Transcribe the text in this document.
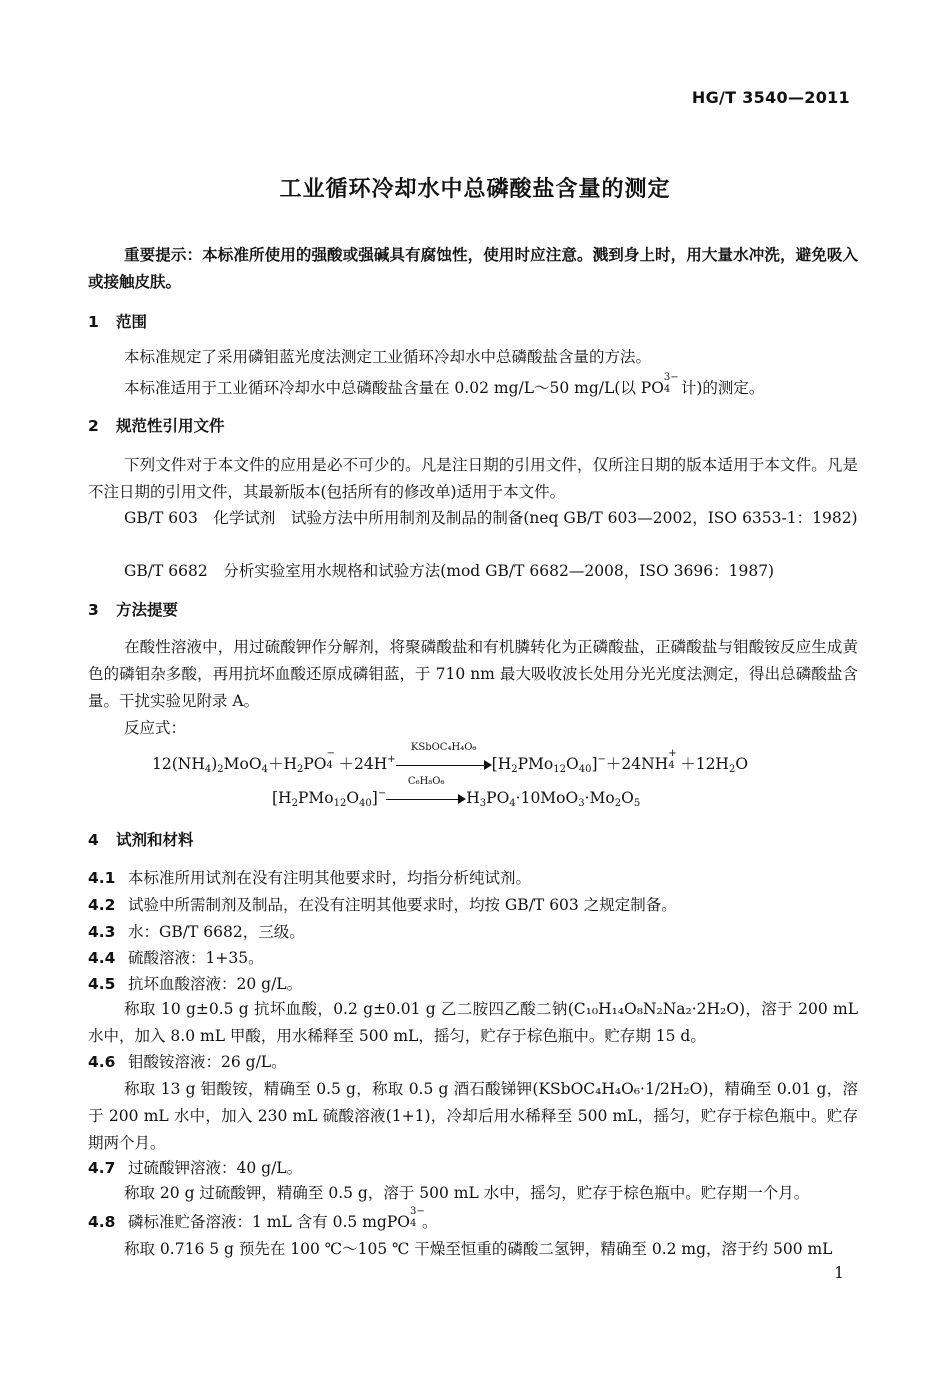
HG/T 3540—2011
工业循环冷却水中总磷酸盐含量的测定
重要提示：本标准所使用的强酸或强碱具有腐蚀性，使用时应注意。溅到身上时，用大量水冲洗，避免吸入或接触皮肤。
1 范围
本标准规定了采用磷钼蓝光度法测定工业循环冷却水中总磷酸盐含量的方法。
本标准适用于工业循环冷却水中总磷酸盐含量在 0.02 mg/L～50 mg/L(以 PO
3−
4 计)的测定。
2 规范性引用文件
下列文件对于本文件的应用是必不可少的。凡是注日期的引用文件，仅所注日期的版本适用于本文件。凡是不注日期的引用文件，其最新版本(包括所有的修改单)适用于本文件。
GB/T 603　化学试剂　试验方法中所用制剂及制品的制备(neq GB/T 603—2002，ISO 6353-1：1982)
GB/T 6682　分析实验室用水规格和试验方法(mod GB/T 6682—2008，ISO 3696：1987)
3 方法提要
在酸性溶液中，用过硫酸钾作分解剂，将聚磷酸盐和有机膦转化为正磷酸盐，正磷酸盐与钼酸铵反应生成黄色的磷钼杂多酸，再用抗坏血酸还原成磷钼蓝，于 710 nm 最大吸收波长处用分光光度法测定，得出总磷酸盐含量。干扰实验见附录 A。
反应式：
$12(NH_4)_2MoO_4+H_2PO$
−
4 ＋24H+
KSbOC₄H₄O₆
$[H_2PMo_{12}O_{40}]^-+24NH$
+
$4 +12H_2O$
$[H_2PMo_{12}O_{40}]^-$
C₆H₈O₆
$H_3PO_4\cdot 10MoO_3\cdot Mo_2O_5$
4 试剂和材料
4.1 本标准所用试剂在没有注明其他要求时，均指分析纯试剂。
4.2 试验中所需制剂及制品，在没有注明其他要求时，均按 GB/T 603 之规定制备。
4.3 水：GB/T 6682，三级。
4.4 硫酸溶液：1+35。
4.5 抗坏血酸溶液：20 g/L。
称取 10 g±0.5 g 抗坏血酸，0.2 g±0.01 g 乙二胺四乙酸二钠(C₁₀H₁₄O₈N₂Na₂·2H₂O)，溶于 200 mL 水中，加入 8.0 mL 甲酸，用水稀释至 500 mL，摇匀，贮存于棕色瓶中。贮存期 15 d。
4.6 钼酸铵溶液：26 g/L。
称取 13 g 钼酸铵，精确至 0.5 g，称取 0.5 g 酒石酸锑钾(KSbOC₄H₄O₆·1/2H₂O)，精确至 0.01 g，溶于 200 mL 水中，加入 230 mL 硫酸溶液(1+1)，冷却后用水稀释至 500 mL，摇匀，贮存于棕色瓶中。贮存期两个月。
4.7 过硫酸钾溶液：40 g/L。
称取 20 g 过硫酸钾，精确至 0.5 g，溶于 500 mL 水中，摇匀，贮存于棕色瓶中。贮存期一个月。
4.8 磷标准贮备溶液：1 mL 含有 0.5 mgPO
3−
4 。
称取 0.716 5 g 预先在 100 ℃～105 ℃ 干燥至恒重的磷酸二氢钾，精确至 0.2 mg，溶于约 500 mL
1
